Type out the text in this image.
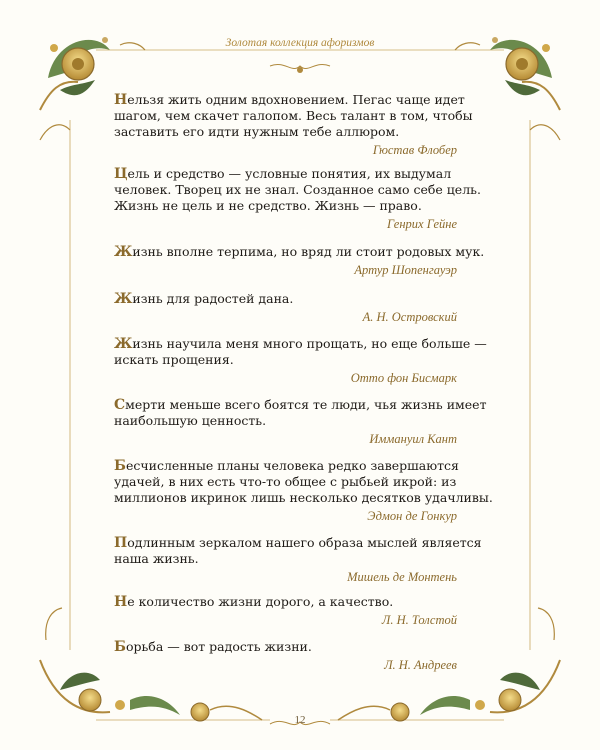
Золотая коллекция афоризмов

Нельзя жить одним вдохновением. Пегас чаще идет шагом, чем скачет галопом. Весь талант в том, чтобы заставить его идти нужным тебе аллюром.

Гюстав Флобер

Цель и средство — условные понятия, их выдумал человек. Творец их не знал. Созданное само себе цель. Жизнь не цель и не средство. Жизнь — право.

Генрих Гейне

Жизнь вполне терпима, но вряд ли стоит родовых мук.

Артур Шопенгауэр

Жизнь для радостей дана.

А. Н. Островский

Жизнь научила меня много прощать, но еще больше — искать прощения.

Отто фон Бисмарк

Смерти меньше всего боятся те люди, чья жизнь имеет наибольшую ценность.

Иммануил Кант

Бесчисленные планы человека редко завершаются удачей, в них есть что-то общее с рыбьей икрой: из миллионов икринок лишь несколько десятков удачливы.

Эдмон де Гонкур

Подлинным зеркалом нашего образа мыслей является наша жизнь.

Мишель де Монтень

Не количество жизни дорого, а качество.

Л. Н. Толстой

Борьба — вот радость жизни.

Л. Н. Андреев

12
